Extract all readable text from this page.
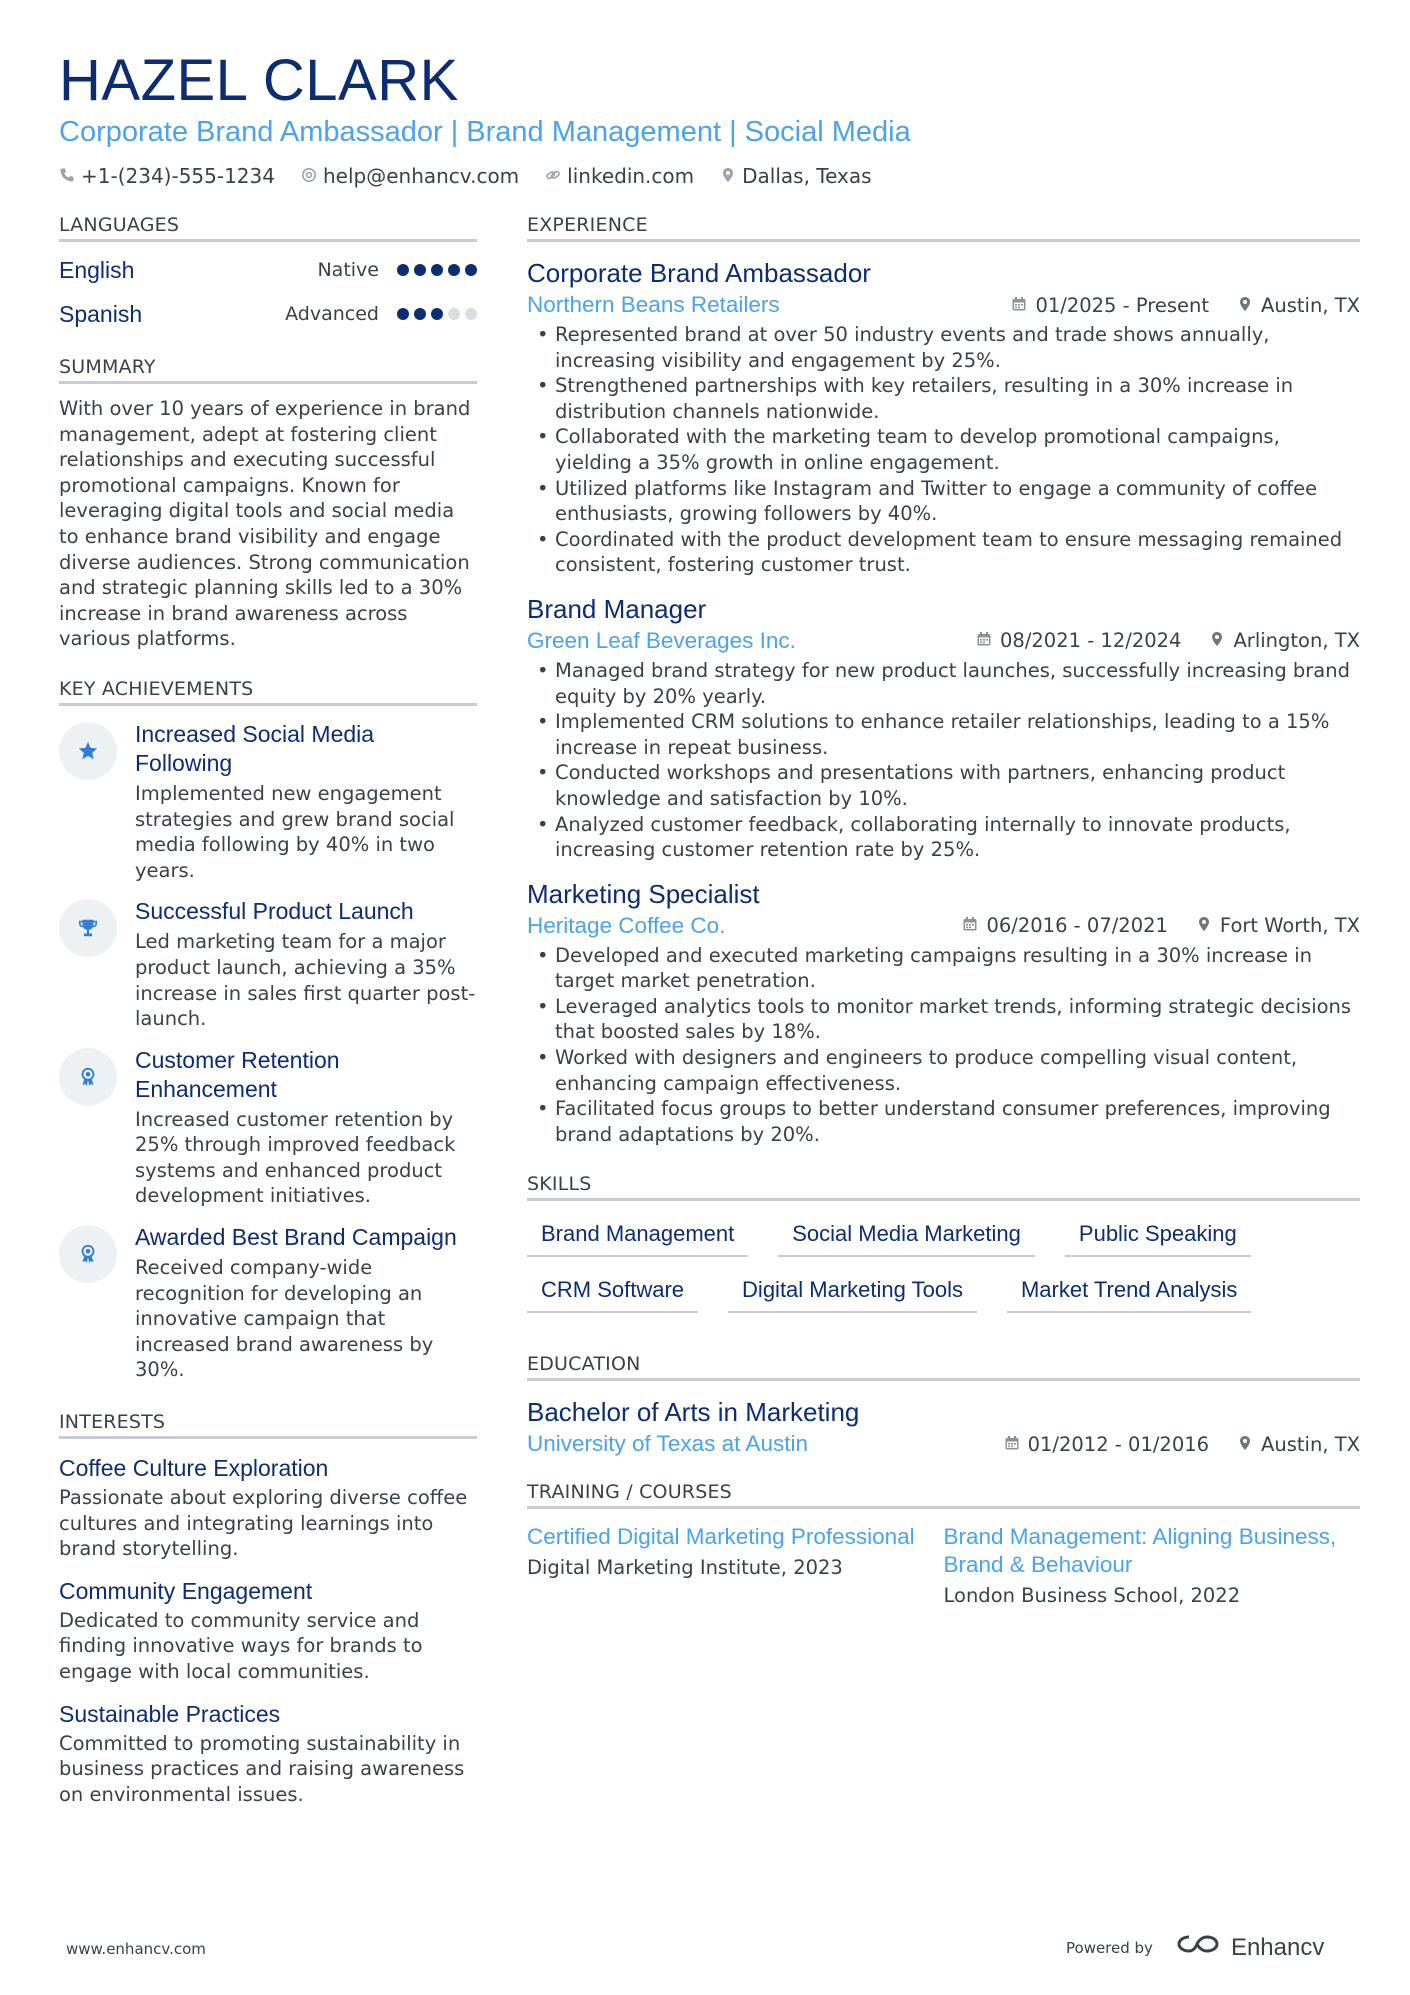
HAZEL CLARK
Corporate Brand Ambassador | Brand Management | Social Media
+1-(234)-555-1234 help@enhancv.com linkedin.com Dallas, Texas
LANGUAGES
English	Native
Spanish	Advanced
SUMMARY
With over 10 years of experience in brand management, adept at fostering client relationships and executing successful promotional campaigns. Known for leveraging digital tools and social media to enhance brand visibility and engage diverse audiences. Strong communication and strategic planning skills led to a 30% increase in brand awareness across various platforms.
KEY ACHIEVEMENTS
Increased Social Media Following
Implemented new engagement strategies and grew brand social media following by 40% in two years.
Successful Product Launch
Led marketing team for a major product launch, achieving a 35% increase in sales first quarter post-launch.
Customer Retention Enhancement
Increased customer retention by 25% through improved feedback systems and enhanced product development initiatives.
Awarded Best Brand Campaign
Received company-wide recognition for developing an innovative campaign that increased brand awareness by 30%.
INTERESTS
Coffee Culture Exploration
Passionate about exploring diverse coffee cultures and integrating learnings into brand storytelling.
Community Engagement
Dedicated to community service and finding innovative ways for brands to engage with local communities.
Sustainable Practices
Committed to promoting sustainability in business practices and raising awareness on environmental issues.
EXPERIENCE
Corporate Brand Ambassador
Northern Beans Retailers	01/2025 - Present	Austin, TX
• Represented brand at over 50 industry events and trade shows annually, increasing visibility and engagement by 25%.
• Strengthened partnerships with key retailers, resulting in a 30% increase in distribution channels nationwide.
• Collaborated with the marketing team to develop promotional campaigns, yielding a 35% growth in online engagement.
• Utilized platforms like Instagram and Twitter to engage a community of coffee enthusiasts, growing followers by 40%.
• Coordinated with the product development team to ensure messaging remained consistent, fostering customer trust.
Brand Manager
Green Leaf Beverages Inc.	08/2021 - 12/2024	Arlington, TX
• Managed brand strategy for new product launches, successfully increasing brand equity by 20% yearly.
• Implemented CRM solutions to enhance retailer relationships, leading to a 15% increase in repeat business.
• Conducted workshops and presentations with partners, enhancing product knowledge and satisfaction by 10%.
• Analyzed customer feedback, collaborating internally to innovate products, increasing customer retention rate by 25%.
Marketing Specialist
Heritage Coffee Co.	06/2016 - 07/2021	Fort Worth, TX
• Developed and executed marketing campaigns resulting in a 30% increase in target market penetration.
• Leveraged analytics tools to monitor market trends, informing strategic decisions that boosted sales by 18%.
• Worked with designers and engineers to produce compelling visual content, enhancing campaign effectiveness.
• Facilitated focus groups to better understand consumer preferences, improving brand adaptations by 20%.
SKILLS
Brand Management	Social Media Marketing	Public Speaking
CRM Software	Digital Marketing Tools	Market Trend Analysis
EDUCATION
Bachelor of Arts in Marketing
University of Texas at Austin	01/2012 - 01/2016	Austin, TX
TRAINING / COURSES
Certified Digital Marketing Professional
Digital Marketing Institute, 2023
Brand Management: Aligning Business, Brand & Behaviour
London Business School, 2022
www.enhancv.com	Powered by	Enhancv
